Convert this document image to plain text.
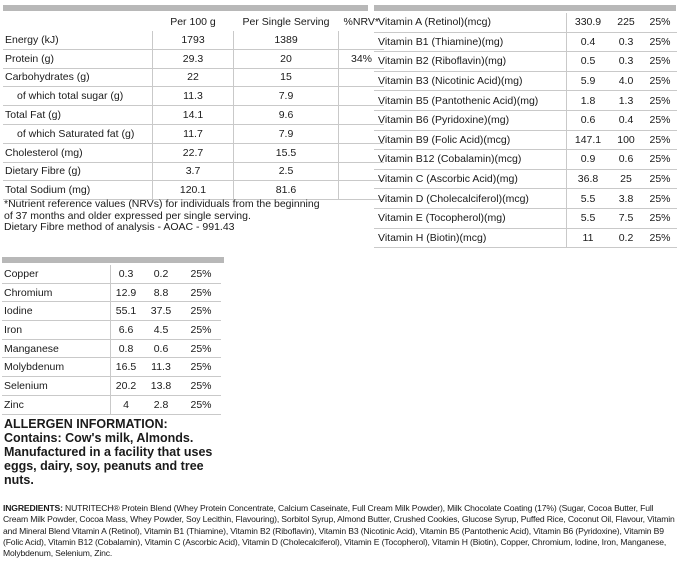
	Per 100 g	Per Single Serving	%NRV*
Energy (kJ)	1793	1389	
Protein (g)	29.3	20	34%
Carbohydrates (g)	22	15	
of which total sugar (g)	11.3	7.9	
Total Fat (g)	14.1	9.6	
of which Saturated fat (g)	11.7	7.9	
Cholesterol (mg)	22.7	15.5	
Dietary Fibre (g)	3.7	2.5	
Total Sodium (mg)	120.1	81.6	
*Nutrient reference values (NRVs) for individuals from the beginning
of 37 months and older expressed per single serving.
Dietary Fibre method of analysis - AOAC - 991.43
Vitamin A (Retinol)(mcg)	330.9	225	25%
Vitamin B1 (Thiamine)(mg)	0.4	0.3	25%
Vitamin B2 (Riboflavin)(mg)	0.5	0.3	25%
Vitamin B3 (Nicotinic Acid)(mg)	5.9	4.0	25%
Vitamin B5 (Pantothenic Acid)(mg)	1.8	1.3	25%
Vitamin B6 (Pyridoxine)(mg)	0.6	0.4	25%
Vitamin B9 (Folic Acid)(mcg)	147.1	100	25%
Vitamin B12 (Cobalamin)(mcg)	0.9	0.6	25%
Vitamin C (Ascorbic Acid)(mg)	36.8	25	25%
Vitamin D (Cholecalciferol)(mcg)	5.5	3.8	25%
Vitamin E (Tocopherol)(mg)	5.5	7.5	25%
Vitamin H (Biotin)(mcg)	11	0.2	25%
Copper	0.3	0.2	25%
Chromium	12.9	8.8	25%
Iodine	55.1	37.5	25%
Iron	6.6	4.5	25%
Manganese	0.8	0.6	25%
Molybdenum	16.5	11.3	25%
Selenium	20.2	13.8	25%
Zinc	4	2.8	25%
ALLERGEN INFORMATION:
Contains: Cow's milk, Almonds. Manufactured in a facility that uses eggs, dairy, soy, peanuts and tree nuts.
INGREDIENTS: NUTRITECH® Protein Blend (Whey Protein Concentrate, Calcium Caseinate, Full Cream Milk Powder), Milk Chocolate Coating (17%) (Sugar, Cocoa Butter, Full Cream Milk Powder, Cocoa Mass, Whey Powder, Soy Lecithin, Flavouring), Sorbitol Syrup, Almond Butter, Crushed Cookies, Glucose Syrup, Puffed Rice, Coconut Oil, Flavour, Vitamin and Mineral Blend Vitamin A (Retinol), Vitamin B1 (Thiamine), Vitamin B2 (Riboflavin), Vitamin B3 (Nicotinic Acid), Vitamin B5 (Pantothenic Acid), Vitamin B6 (Pyridoxine), Vitamin B9 (Folic Acid), Vitamin B12 (Cobalamin), Vitamin C (Ascorbic Acid), Vitamin D (Cholecalciferol), Vitamin E (Tocopherol), Vitamin H (Biotin), Copper, Chromium, Iodine, Iron, Manganese, Molybdenum, Selenium, Zinc.
